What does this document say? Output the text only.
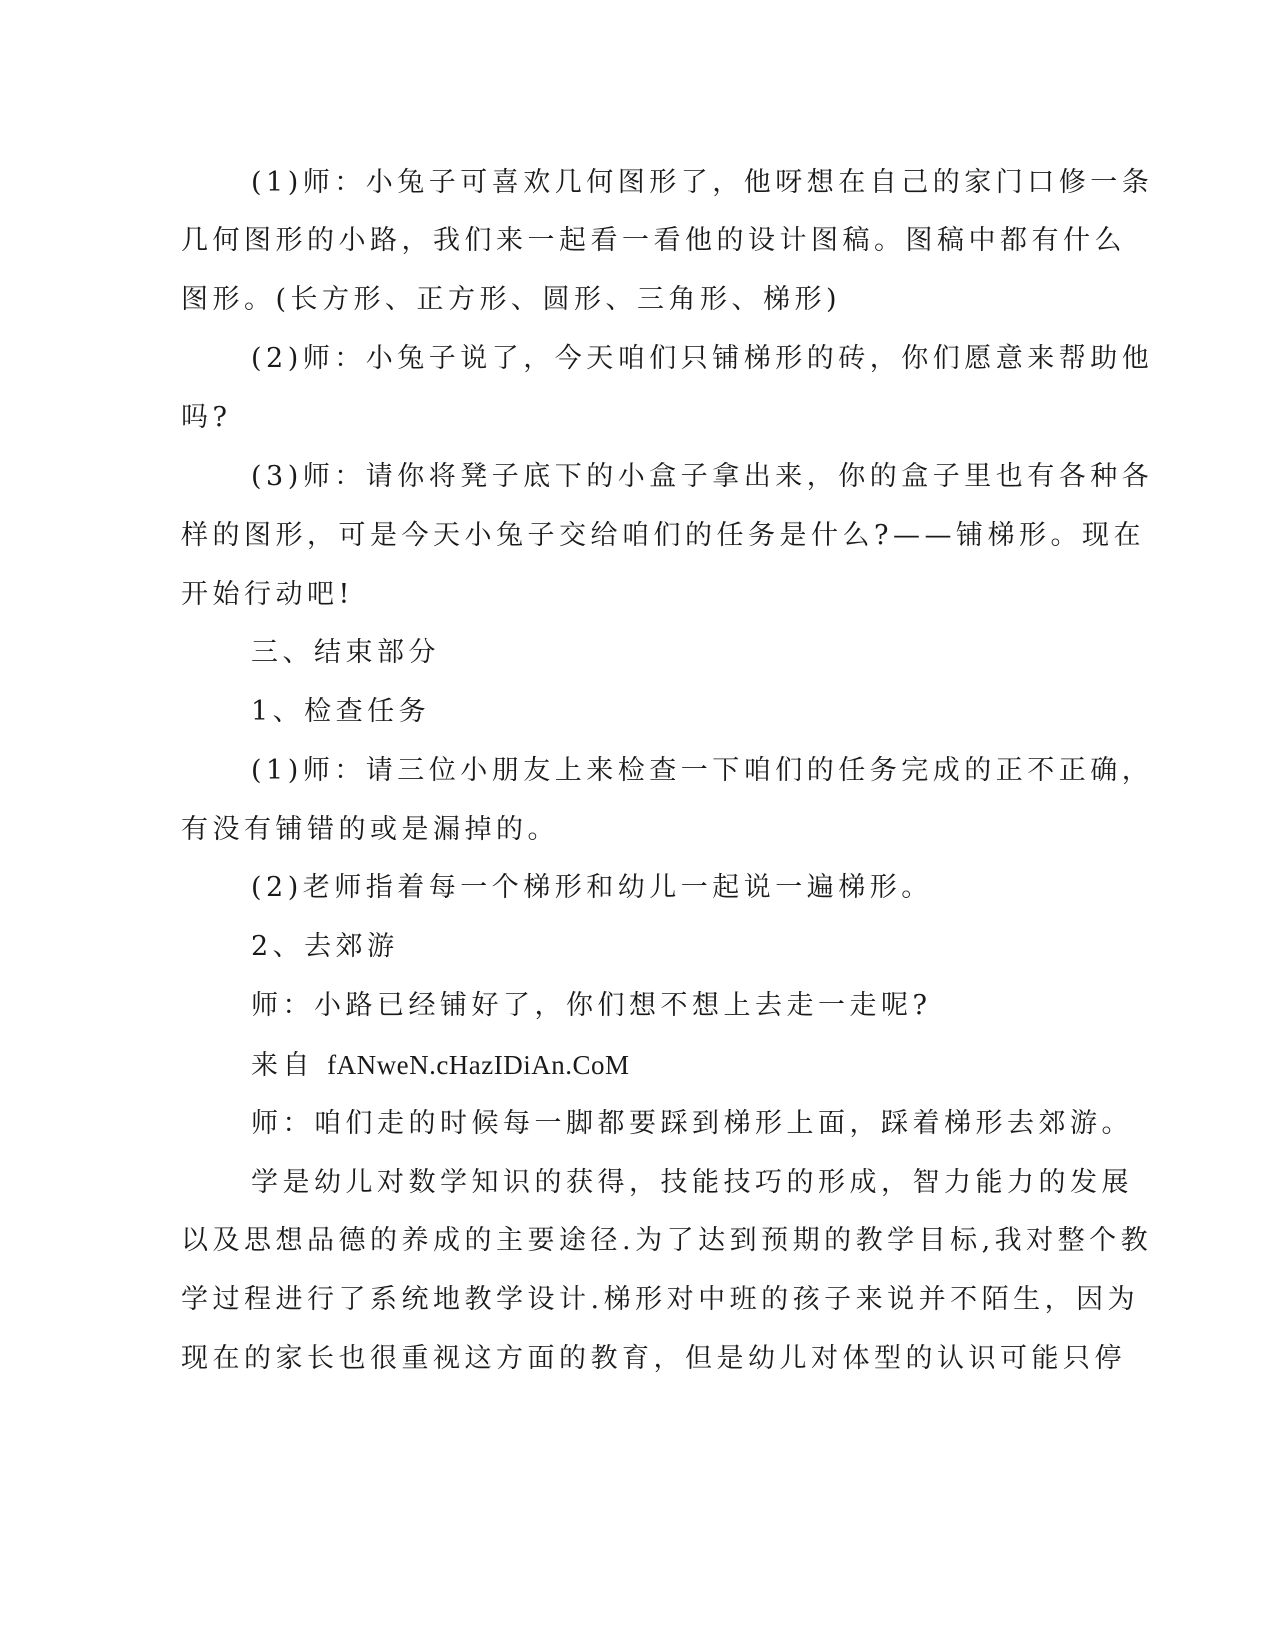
(1)师：小兔子可喜欢几何图形了，他呀想在自己的家门口修一条
几何图形的小路，我们来一起看一看他的设计图稿。图稿中都有什么
图形。(长方形、正方形、圆形、三角形、梯形)
(2)师：小兔子说了，今天咱们只铺梯形的砖，你们愿意来帮助他
吗?
(3)师：请你将凳子底下的小盒子拿出来，你的盒子里也有各种各
样的图形，可是今天小兔子交给咱们的任务是什么?——铺梯形。现在
开始行动吧!
三、结束部分
1、检查任务
(1)师：请三位小朋友上来检查一下咱们的任务完成的正不正确，
有没有铺错的或是漏掉的。
(2)老师指着每一个梯形和幼儿一起说一遍梯形。
2、去郊游
师：小路已经铺好了，你们想不想上去走一走呢?
来自 fANweN.cHazIDiAn.CoM
师：咱们走的时候每一脚都要踩到梯形上面，踩着梯形去郊游。
学是幼儿对数学知识的获得，技能技巧的形成，智力能力的发展
以及思想品德的养成的主要途径.为了达到预期的教学目标,我对整个教
学过程进行了系统地教学设计.梯形对中班的孩子来说并不陌生，因为
现在的家长也很重视这方面的教育，但是幼儿对体型的认识可能只停
